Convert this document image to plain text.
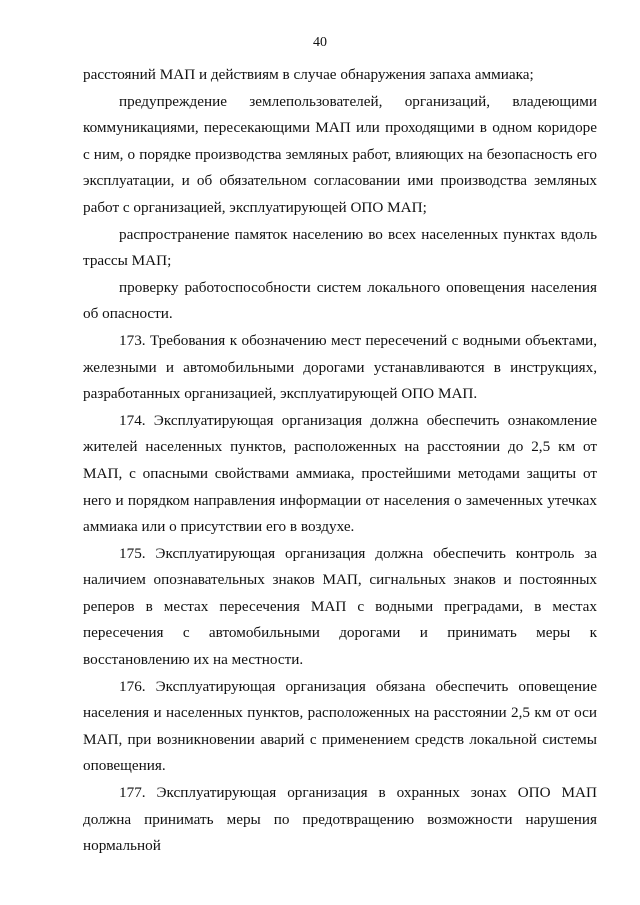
40

расстояний МАП и действиям в случае обнаружения запаха аммиака;

предупреждение землепользователей, организаций, владеющими коммуникациями, пересекающими МАП или проходящими в одном коридоре с ним, о порядке производства земляных работ, влияющих на безопасность его эксплуатации, и об обязательном согласовании ими производства земляных работ с организацией, эксплуатирующей ОПО МАП;

распространение памяток населению во всех населенных пунктах вдоль трассы МАП;

проверку работоспособности систем локального оповещения населения об опасности.

173. Требования к обозначению мест пересечений с водными объектами, железными и автомобильными дорогами устанавливаются в инструкциях, разработанных организацией, эксплуатирующей ОПО МАП.

174. Эксплуатирующая организация должна обеспечить ознакомление жителей населенных пунктов, расположенных на расстоянии до 2,5 км от МАП, с опасными свойствами аммиака, простейшими методами защиты от него и порядком направления информации от населения о замеченных утечках аммиака или о присутствии его в воздухе.

175. Эксплуатирующая организация должна обеспечить контроль за наличием опознавательных знаков МАП, сигнальных знаков и постоянных реперов в местах пересечения МАП с водными преградами, в местах пересечения с автомобильными дорогами и принимать меры к восстановлению их на местности.

176. Эксплуатирующая организация обязана обеспечить оповещение населения и населенных пунктов, расположенных на расстоянии 2,5 км от оси МАП, при возникновении аварий с применением средств локальной системы оповещения.

177. Эксплуатирующая организация в охранных зонах ОПО МАП должна принимать меры по предотвращению возможности нарушения нормальной
